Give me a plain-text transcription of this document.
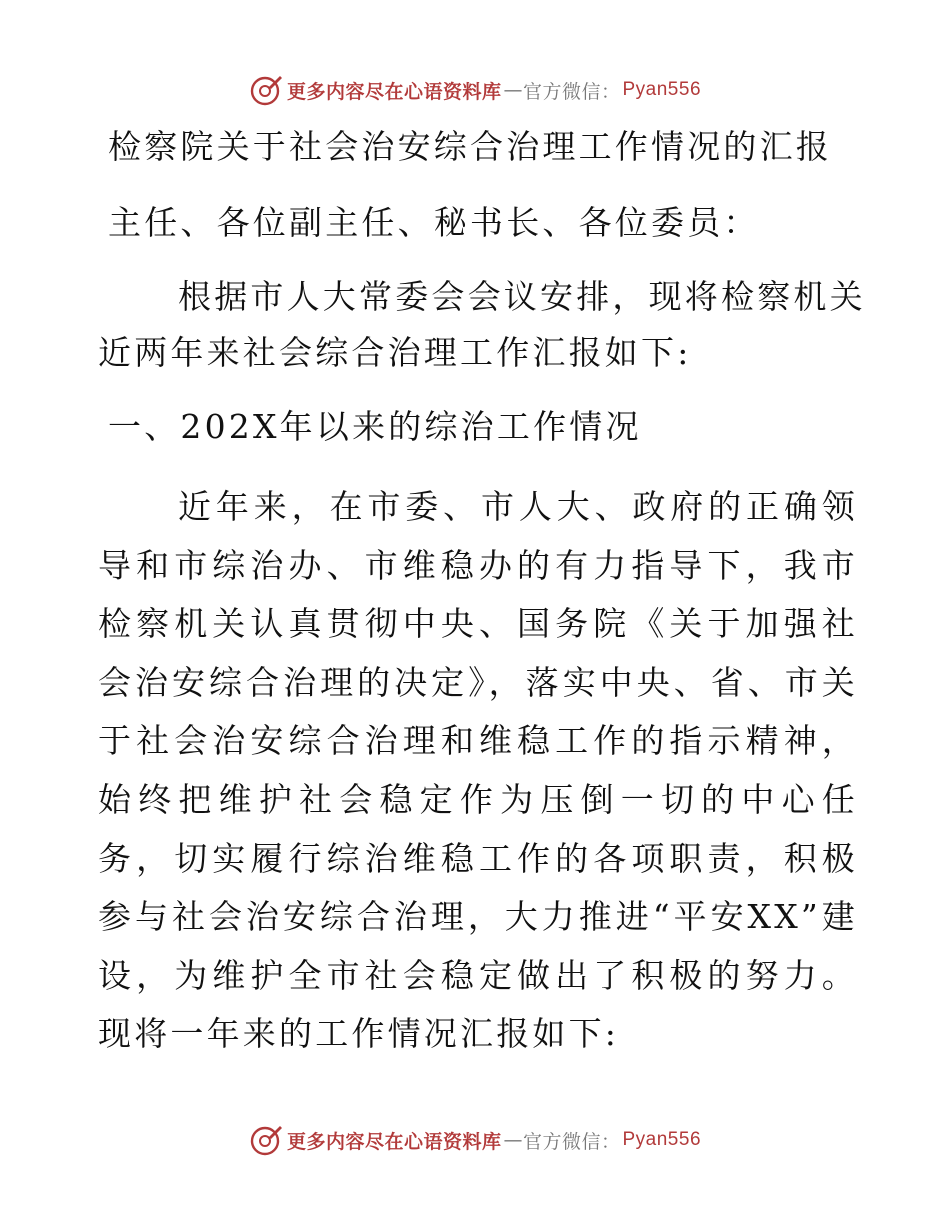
更多内容尽在心语资料库 — 官方微信： Pyan556

检察院关于社会治安综合治理工作情况的汇报

主任、各位副主任、秘书长、各位委员：

根据市人大常委会会议安排，现将检察机关

近两年来社会综合治理工作汇报如下:

一、202X年以来的综治工作情况

近年来，在市委、市人大、政府的正确领导和市综治办、市维稳办的有力指导下，我市检察机关认真贯彻中央、国务院《关于加强社会治安综合治理的决定》，落实中央、省、市关于社会治安综合治理和维稳工作的指示精神，始终把维护社会稳定作为压倒一切的中心任务，切实履行综治维稳工作的各项职责，积极参与社会治安综合治理，大力推进“平安XX”建设，为维护全市社会稳定做出了积极的努力。现将一年来的工作情况汇报如下:

更多内容尽在心语资料库 — 官方微信： Pyan556
